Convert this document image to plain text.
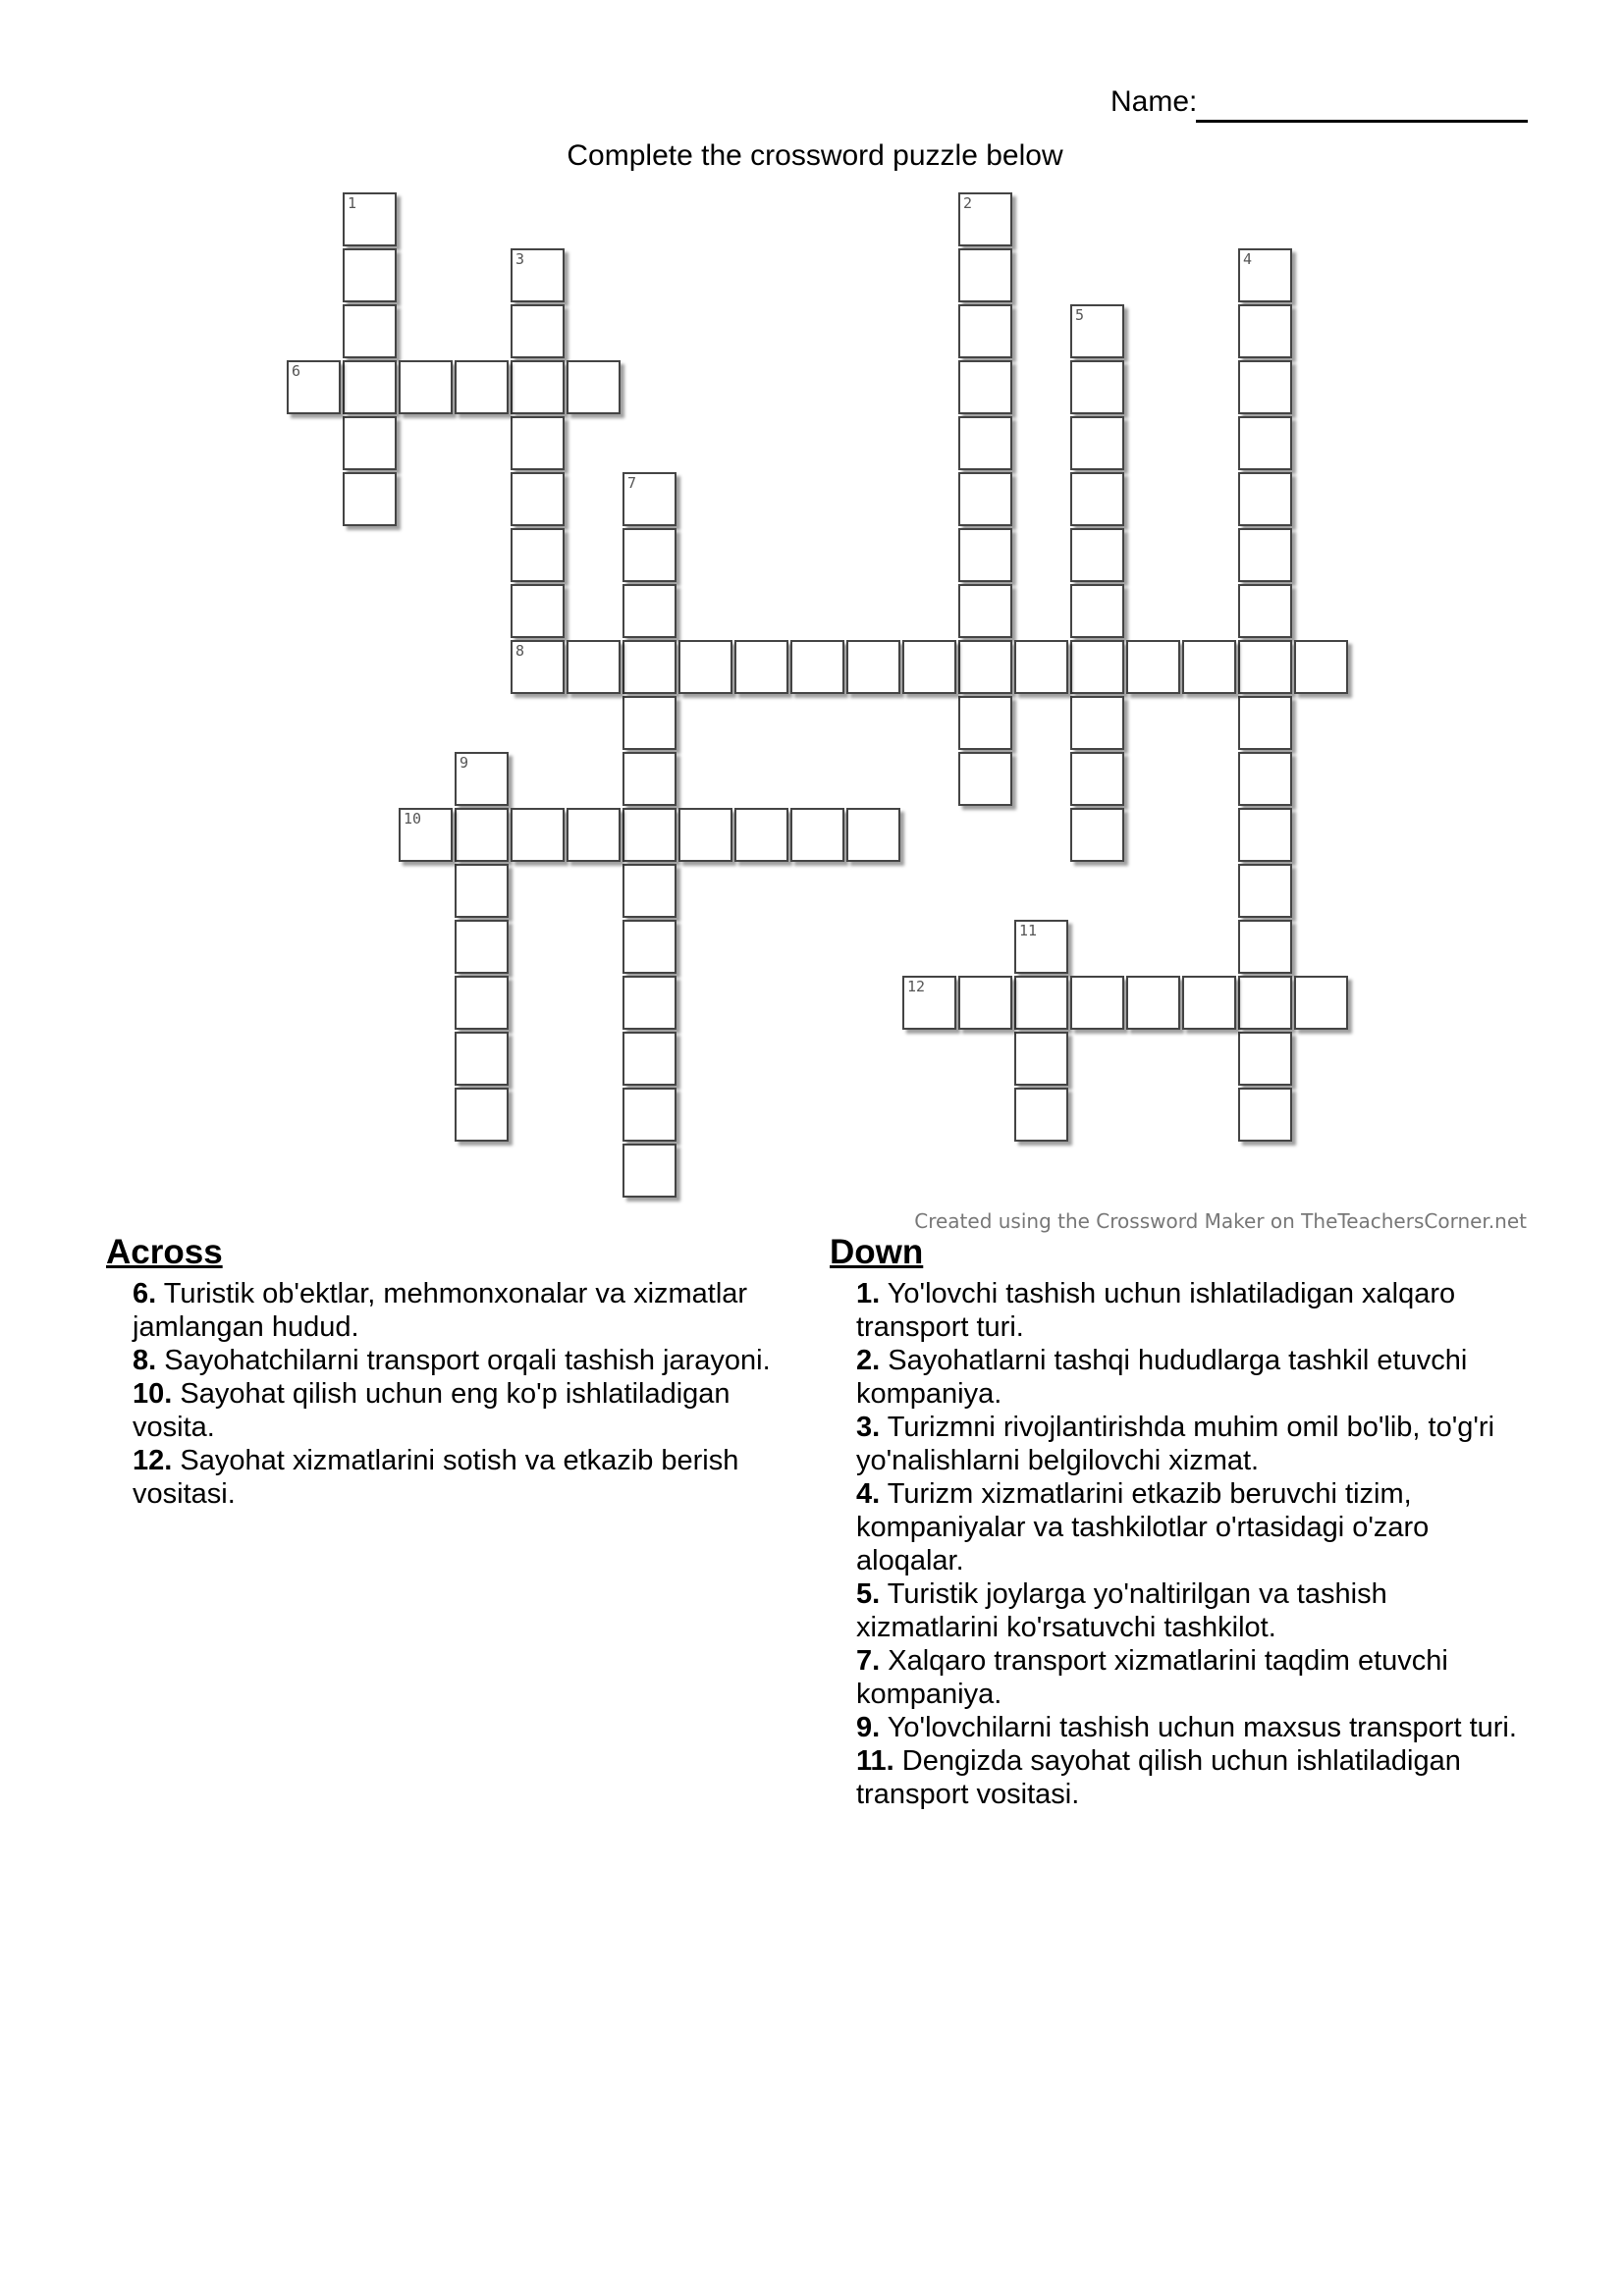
Name:
Complete the crossword puzzle below
1	2
3	4
5
6
7
8
9
10
11
12
Created using the Crossword Maker on TheTeachersCorner.net
Across
6. Turistik ob'ektlar, mehmonxonalar va xizmatlar jamlangan hudud.
8. Sayohatchilarni transport orqali tashish jarayoni.
10. Sayohat qilish uchun eng ko'p ishlatiladigan vosita.
12. Sayohat xizmatlarini sotish va etkazib berish vositasi.
Down
1. Yo'lovchi tashish uchun ishlatiladigan xalqaro transport turi.
2. Sayohatlarni tashqi hududlarga tashkil etuvchi kompaniya.
3. Turizmni rivojlantirishda muhim omil bo'lib, to'g'ri yo'nalishlarni belgilovchi xizmat.
4. Turizm xizmatlarini etkazib beruvchi tizim, kompaniyalar va tashkilotlar o'rtasidagi o'zaro aloqalar.
5. Turistik joylarga yo'naltirilgan va tashish xizmatlarini ko'rsatuvchi tashkilot.
7. Xalqaro transport xizmatlarini taqdim etuvchi kompaniya.
9. Yo'lovchilarni tashish uchun maxsus transport turi.
11. Dengizda sayohat qilish uchun ishlatiladigan transport vositasi.
